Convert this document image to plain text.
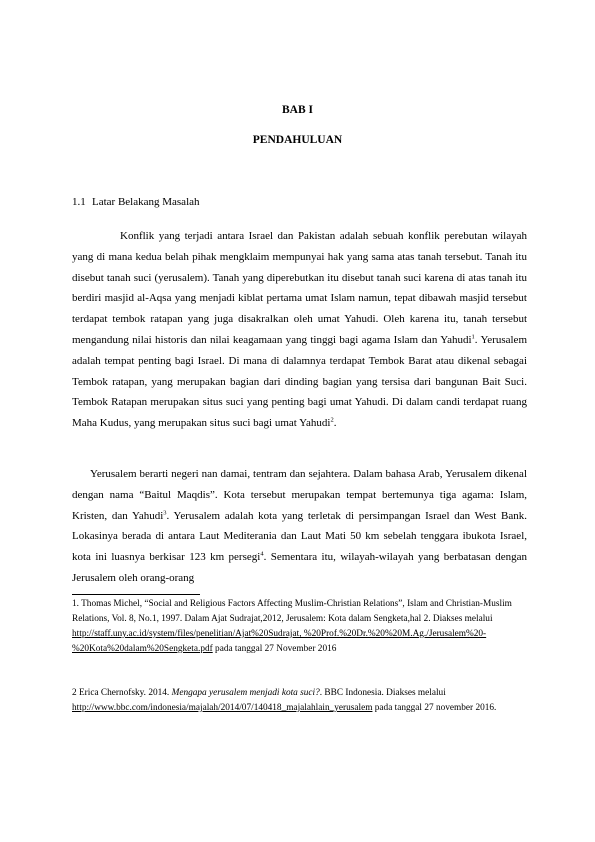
BAB I
PENDAHULUAN
1.1 Latar Belakang Masalah

Konflik yang terjadi antara Israel dan Pakistan adalah sebuah konflik perebutan wilayah yang di mana kedua belah pihak mengklaim mempunyai hak yang sama atas tanah tersebut. Tanah itu disebut tanah suci (yerusalem). Tanah yang diperebutkan itu disebut tanah suci karena di atas tanah itu berdiri masjid al-Aqsa yang menjadi kiblat pertama umat Islam namun, tepat dibawah masjid tersebut terdapat tembok ratapan yang juga disakralkan oleh umat Yahudi. Oleh karena itu, tanah tersebut mengandung nilai historis dan nilai keagamaan yang tinggi bagi agama Islam dan Yahudi$^1$. Yerusalem adalah tempat penting bagi Israel. Di mana di dalamnya terdapat Tembok Barat atau dikenal sebagai Tembok ratapan, yang merupakan bagian dari dinding bagian yang tersisa dari bangunan Bait Suci. Tembok Ratapan merupakan situs suci yang penting bagi umat Yahudi. Di dalam candi terdapat ruang Maha Kudus, yang merupakan situs suci bagi umat Yahudi$^2$.

Yerusalem berarti negeri nan damai, tentram dan sejahtera. Dalam bahasa Arab, Yerusalem dikenal dengan nama “Baitul Maqdis”. Kota tersebut merupakan tempat bertemunya tiga agama: Islam, Kristen, dan Yahudi$^3$. Yerusalem adalah kota yang terletak di persimpangan Israel dan West Bank. Lokasinya berada di antara Laut Mediterania dan Laut Mati 50 km sebelah tenggara ibukota Israel, kota ini luasnya berkisar 123 km persegi$^4$. Sementara itu, wilayah-wilayah yang berbatasan dengan Jerusalem oleh orang-orang

1. Thomas Michel, “Social and Religious Factors Affecting Muslim-Christian Relations”, Islam and Christian-Muslim Relations, Vol. 8, No.1, 1997. Dalam Ajat Sudrajat,2012, Jerusalem: Kota dalam Sengketa,hal 2. Diakses melalui http://staff.uny.ac.id/system/files/penelitian/Ajat%20Sudrajat, %20Prof.%20Dr.%20%20M.Ag./Jerusalem%20-%20Kota%20dalam%20Sengketa.pdf pada tanggal 27 November 2016

2 Erica Chernofsky. 2014. Mengapa yerusalem menjadi kota suci?. BBC Indonesia. Diakses melalui http://www.bbc.com/indonesia/majalah/2014/07/140418_majalahlain_yerusalem pada tanggal 27 november 2016.
